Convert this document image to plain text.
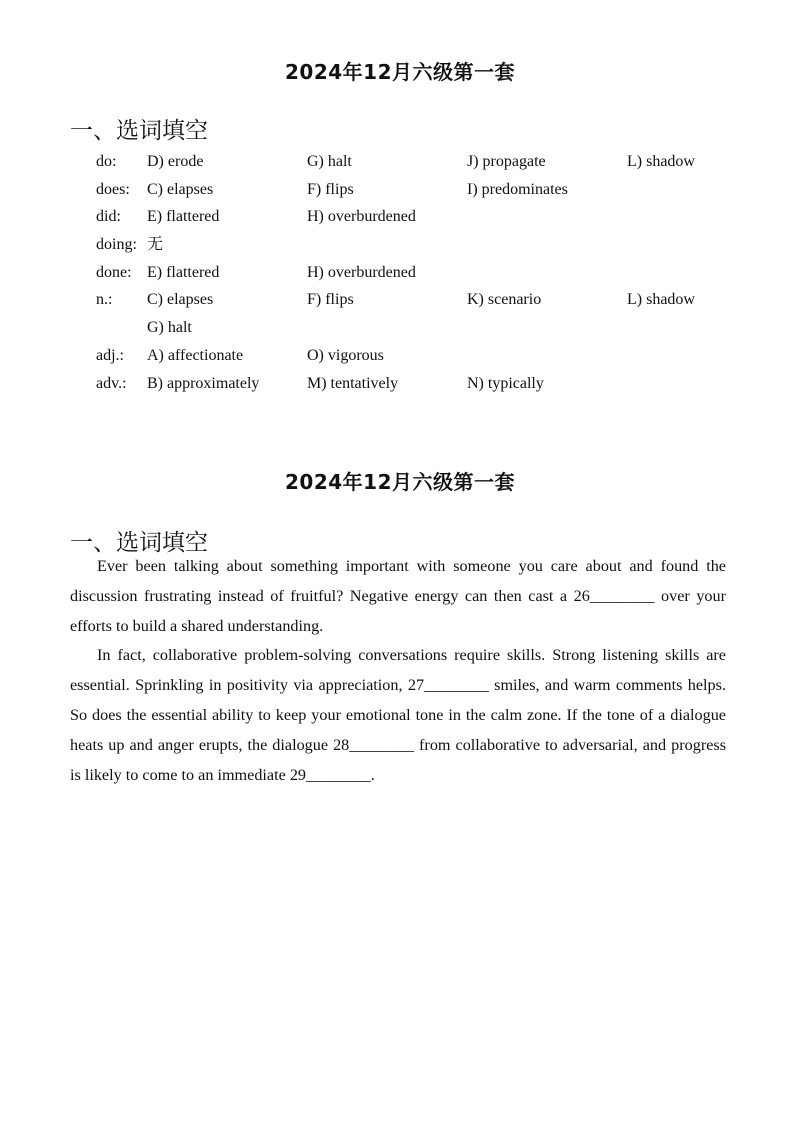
2024年12月六级第一套
一、选词填空
do: D) erode	G) halt	J) propagate	L) shadow
does: C) elapses	F) flips	I) predominates
did: E) flattered	H) overburdened
doing: 无
done: E) flattered	H) overburdened
n.: C) elapses	F) flips	K) scenario	L) shadow
G) halt
adj.: A) affectionate	O) vigorous
adv.: B) approximately	M) tentatively	N) typically
2024年12月六级第一套
一、选词填空

Ever been talking about something important with someone you care about and found the discussion frustrating instead of fruitful? Negative energy can then cast a 26________ over your efforts to build a shared understanding.

In fact, collaborative problem-solving conversations require skills. Strong listening skills are essential. Sprinkling in positivity via appreciation, 27________ smiles, and warm comments helps. So does the essential ability to keep your emotional tone in the calm zone. If the tone of a dialogue heats up and anger erupts, the dialogue 28________ from collaborative to adversarial, and progress is likely to come to an immediate 29________.
